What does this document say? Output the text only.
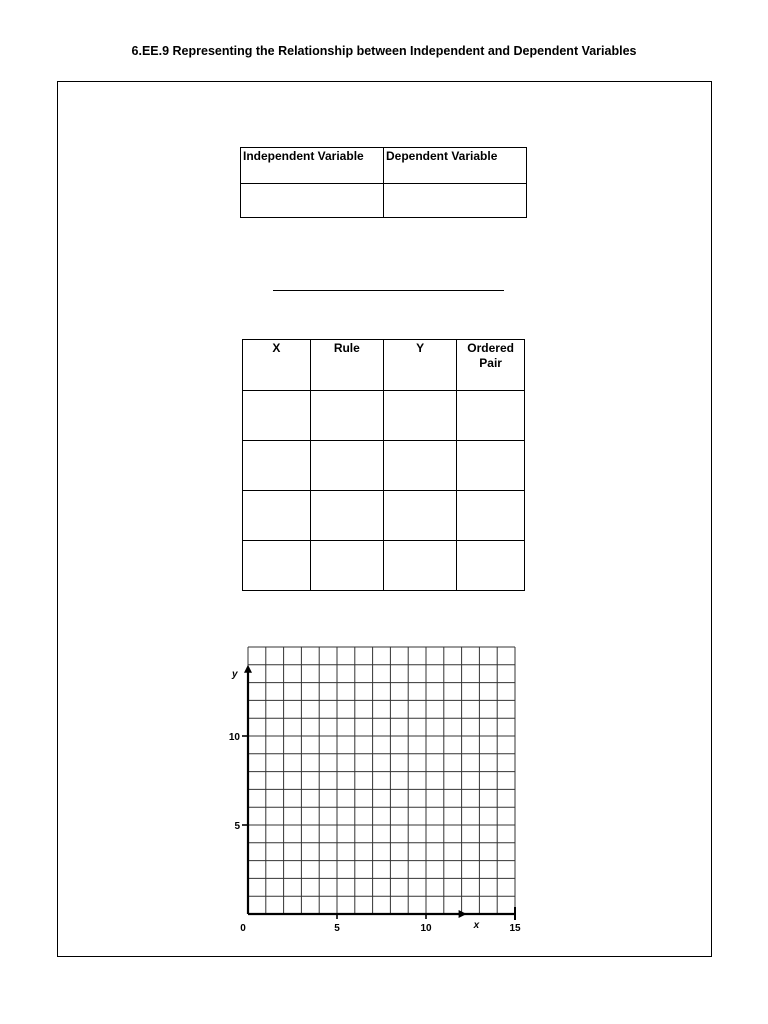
6.EE.9 Representing the Relationship between Independent and Dependent Variables
Independent Variable	Dependent Variable

X	Rule	Y	Ordered Pair

0	5	10	15
5
10
x
y
